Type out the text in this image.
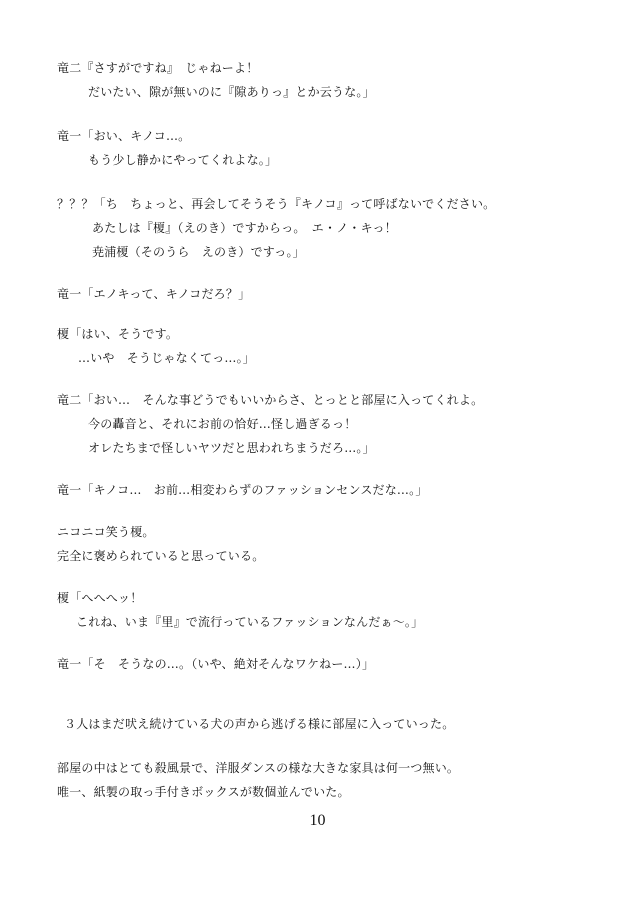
竜二『さすがですね』　じゃねーよ！
だいたい、隙が無いのに『隙ありっ』とか云うな。」
竜一「おい、キノコ…。
もう少し静かにやってくれよな。」
？？？「ち　ちょっと、再会してそうそう『キノコ』って呼ばないでください。
あたしは『榎』（えのき）ですからっ。　エ・ノ・キっ！
尭浦榎（そのうら　えのき）ですっ。」
竜一「エノキって、キノコだろ？」
榎「はい、そうです。
…いや　そうじゃなくてっ…。」
竜二「おい…　そんな事どうでもいいからさ、とっとと部屋に入ってくれよ。
今の轟音と、それにお前の恰好…怪し過ぎるっ！
オレたちまで怪しいヤツだと思われちまうだろ…。」
竜一「キノコ…　お前…相変わらずのファッションセンスだな…。」
ニコニコ笑う榎。
完全に褒められていると思っている。
榎「へへへッ！
これね、いま『里』で流行っているファッションなんだぁ〜。」
竜一「そ　そうなの…。（いや、絶対そんなワケねー…）」
３人はまだ吠え続けている犬の声から逃げる様に部屋に入っていった。
部屋の中はとても殺風景で、洋服ダンスの様な大きな家具は何一つ無い。
唯一、紙製の取っ手付きボックスが数個並んでいた。
10
